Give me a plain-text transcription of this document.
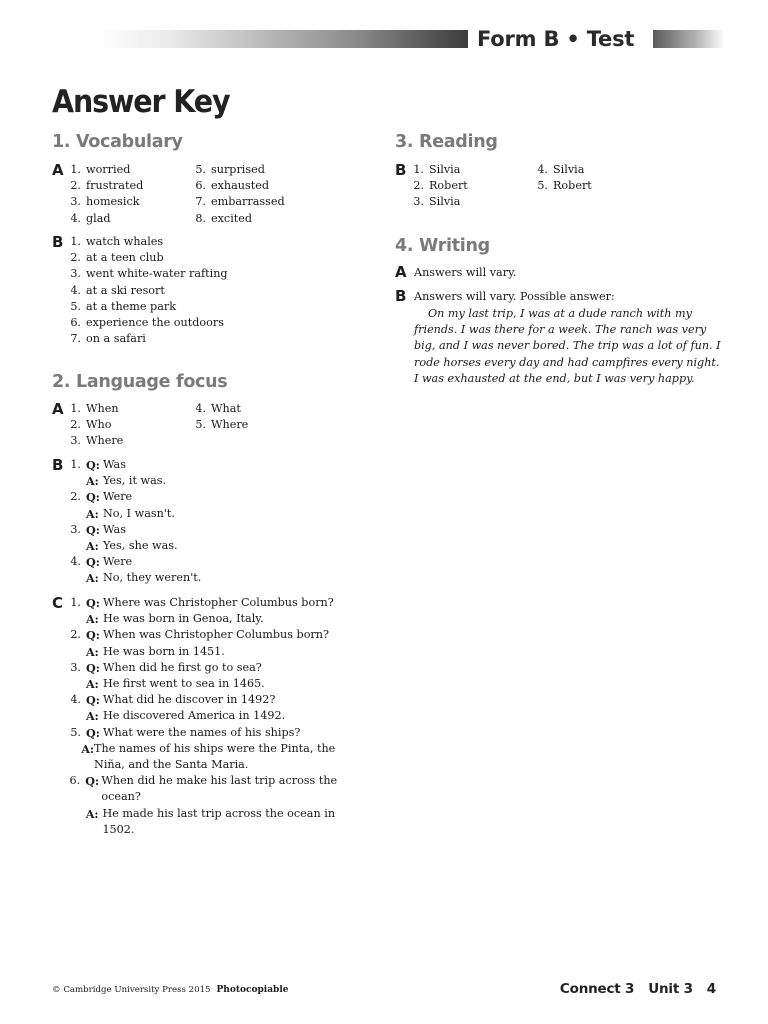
Form B • Test
Answer Key
1. Vocabulary
A 1. worried
2. frustrated
3. homesick
4. glad
5. surprised
6. exhausted
7. embarrassed
8. excited
B 1. watch whales
2. at a teen club
3. went white-water rafting
4. at a ski resort
5. at a theme park
6. experience the outdoors
7. on a safari
2. Language focus
A 1. When
2. Who
3. Where
4. What
5. Where
B 1. Q: Was
A: Yes, it was.
2. Q: Were
A: No, I wasn't.
3. Q: Was
A: Yes, she was.
4. Q: Were
A: No, they weren't.
C 1. Q: Where was Christopher Columbus born?
A: He was born in Genoa, Italy.
2. Q: When was Christopher Columbus born?
A: He was born in 1451.
3. Q: When did he first go to sea?
A: He first went to sea in 1465.
4. Q: What did he discover in 1492?
A: He discovered America in 1492.
5. Q: What were the names of his ships?
A: The names of his ships were the Pinta, the Niña, and the Santa Maria.
6. Q: When did he make his last trip across the ocean?
A: He made his last trip across the ocean in 1502.
3. Reading
B 1. Silvia
2. Robert
3. Silvia
4. Silvia
5. Robert
4. Writing
A Answers will vary.
B Answers will vary. Possible answer:

On my last trip, I was at a dude ranch with my friends. I was there for a week. The ranch was very big, and I was never bored. The trip was a lot of fun. I rode horses every day and had campfires every night. I was exhausted at the end, but I was very happy.

© Cambridge University Press 2015 Photocopiable	Connect 3 Unit 3 4
